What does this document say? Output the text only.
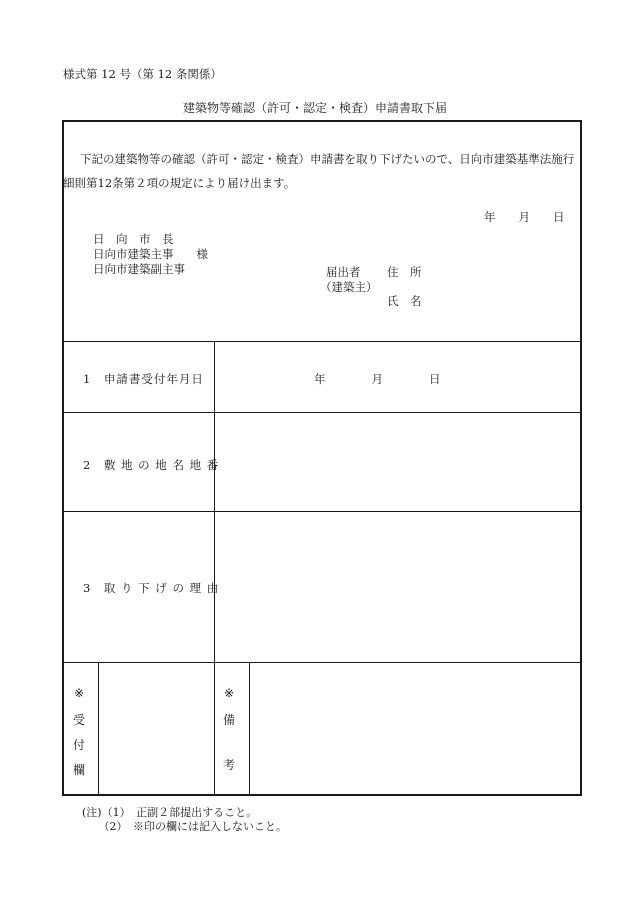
様式第 12 号（第 12 条関係）
建築物等確認（許可・認定・検査）申請書取下届
下記の建築物等の確認（許可・認定・検査）申請書を取り下げたいので、日向市建築基準法施行
細則第12条第２項の規定により届け出ます。
年　　月　　日
日　向　市　長
日向市建築主事　　様
日向市建築副主事	届出者
（建築主）
住　所
氏　名
1　申請書受付年月日	年　　　　月　　　　日
2　敷 地 の 地 名 地 番
3　取 り 下 げ の 理 由
※
受
付
欄
※
備
考
(注)（1）　正副２部提出すること。
　　（2）　※印の欄には記入しないこと。
